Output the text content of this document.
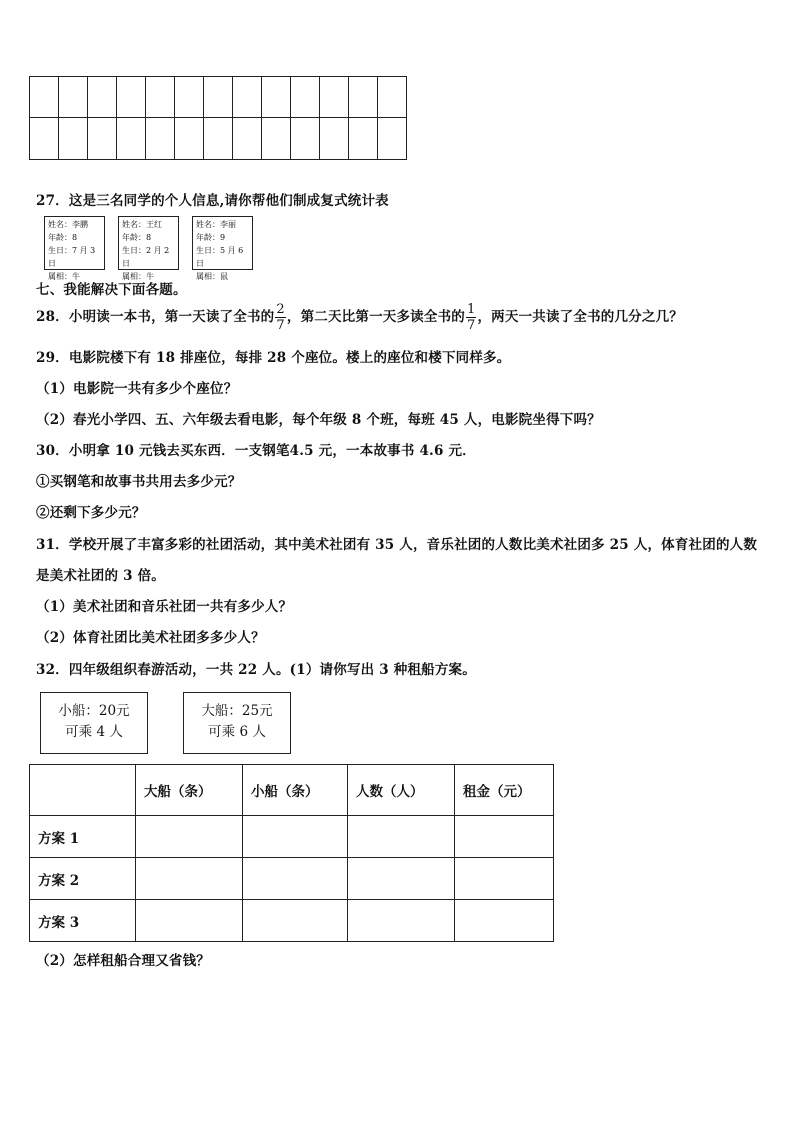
27．这是三名同学的个人信息,请你帮他们制成复式统计表
姓名：李鹏
年龄：8
生日：7 月 3 日
属相：牛
姓名：王红
年龄：8
生日：2 月 2 日
属相：牛
姓名：李丽
年龄：9
生日：5 月 6 日
属相：鼠
七、我能解决下面各题。
28．小明读一本书，第一天读了全书的 $\frac{2}{7}$ ，第二天比第一天多读全书的 $\frac{1}{7}$ ，两天一共读了全书的几分之几？
29．电影院楼下有 18 排座位，每排 28 个座位。楼上的座位和楼下同样多。
（1）电影院一共有多少个座位？
（2）春光小学四、五、六年级去看电影，每个年级 8 个班，每班 45 人，电影院坐得下吗？
30．小明拿 10 元钱去买东西．一支钢笔4.5 元，一本故事书 4.6 元．
①买钢笔和故事书共用去多少元？
②还剩下多少元？
31．学校开展了丰富多彩的社团活动，其中美术社团有 35 人，音乐社团的人数比美术社团多 25 人，体育社团的人数
是美术社团的 3 倍。
（1）美术社团和音乐社团一共有多少人？
（2）体育社团比美术社团多多少人？
32．四年级组织春游活动，一共 22 人。(1）请你写出 3 种租船方案。
小船：20元
可乘 4 人
大船：25元
可乘 6 人
	大船（条）	小船（条）	人数（人）	租金（元）
方案 1				
方案 2				
方案 3				
（2）怎样租船合理又省钱？
